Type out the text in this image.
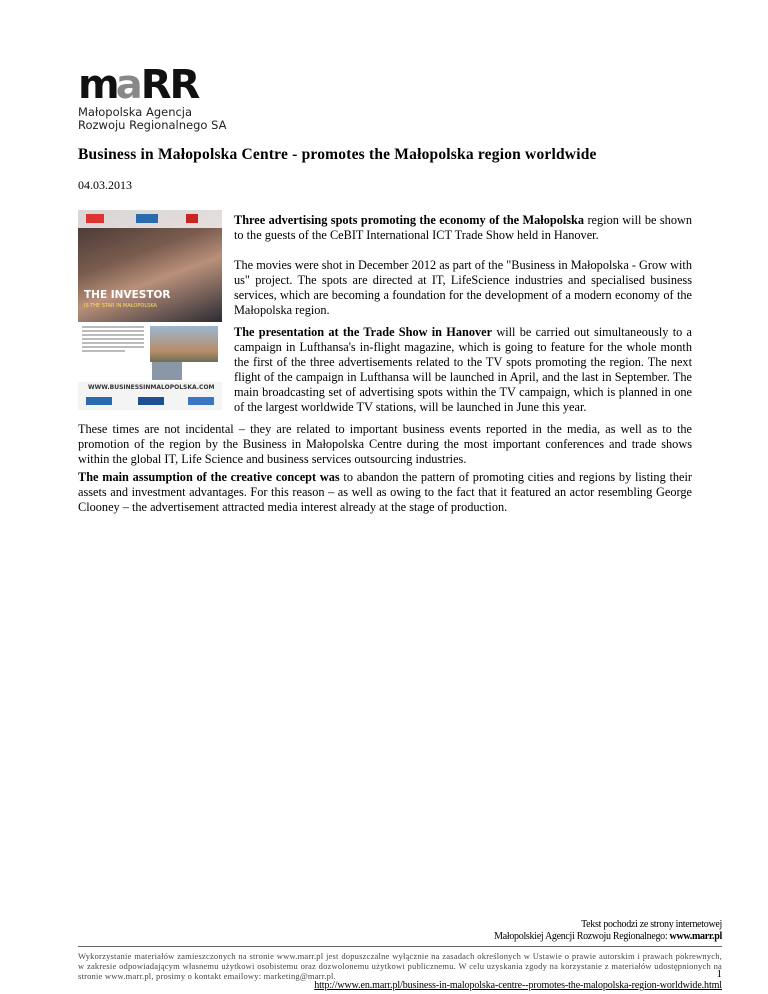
m
a RR
Małopolska Agencja
Rozwoju Regionalnego SA
Business in Małopolska Centre - promotes the Małopolska region worldwide
04.03.2013
THE INVESTOR
IS THE STAR IN MAŁOPOLSKA
WWW.BUSINESSINMALOPOLSKA.COM
Three advertising spots promoting the economy of the Małopolska region will be shown to the guests of the CeBIT International ICT Trade Show held in Hanover.
The movies were shot in December 2012 as part of the "Business in Małopolska - Grow with us" project. The spots are directed at IT, LifeScience industries and specialised business services, which are becoming a foundation for the development of a modern economy of the Małopolska region.
The presentation at the Trade Show in Hanover will be carried out simultaneously to a campaign in Lufthansa's in-flight magazine, which is going to feature for the whole month the first of the three advertisements related to the TV spots promoting the region. The next flight of the campaign in Lufthansa will be launched in April, and the last in September. The main broadcasting set of advertising spots within the TV campaign, which is planned in one of the largest worldwide TV stations, will be launched in June this year.
These times are not incidental – they are related to important business events reported in the media, as well as to the promotion of the region by the Business in Małopolska Centre during the most important conferences and trade shows within the global IT, Life Science and business services outsourcing industries.
The main assumption of the creative concept was to abandon the pattern of promoting cities and regions by listing their assets and investment advantages. For this reason – as well as owing to the fact that it featured an actor resembling George Clooney – the advertisement attracted media interest already at the stage of production.
Tekst pochodzi ze strony internetowej
Małopolskiej Agencji Rozwoju Regionalnego: www.marr.pl
Wykorzystanie materiałów zamieszczonych na stronie www.marr.pl jest dopuszczalne wyłącznie na zasadach określonych w Ustawie o prawie autorskim i prawach pokrewnych, w zakresie odpowiadającym własnemu użytkowi osobistemu oraz dozwolonemu użytkowi publicznemu. W celu uzyskania zgody na korzystanie z materiałów udostępnionych na stronie www.marr.pl, prosimy o kontakt emailowy: marketing@marr.pl.	1
http://www.en.marr.pl/business-in-malopolska-centre--promotes-the-malopolska-region-worldwide.html
